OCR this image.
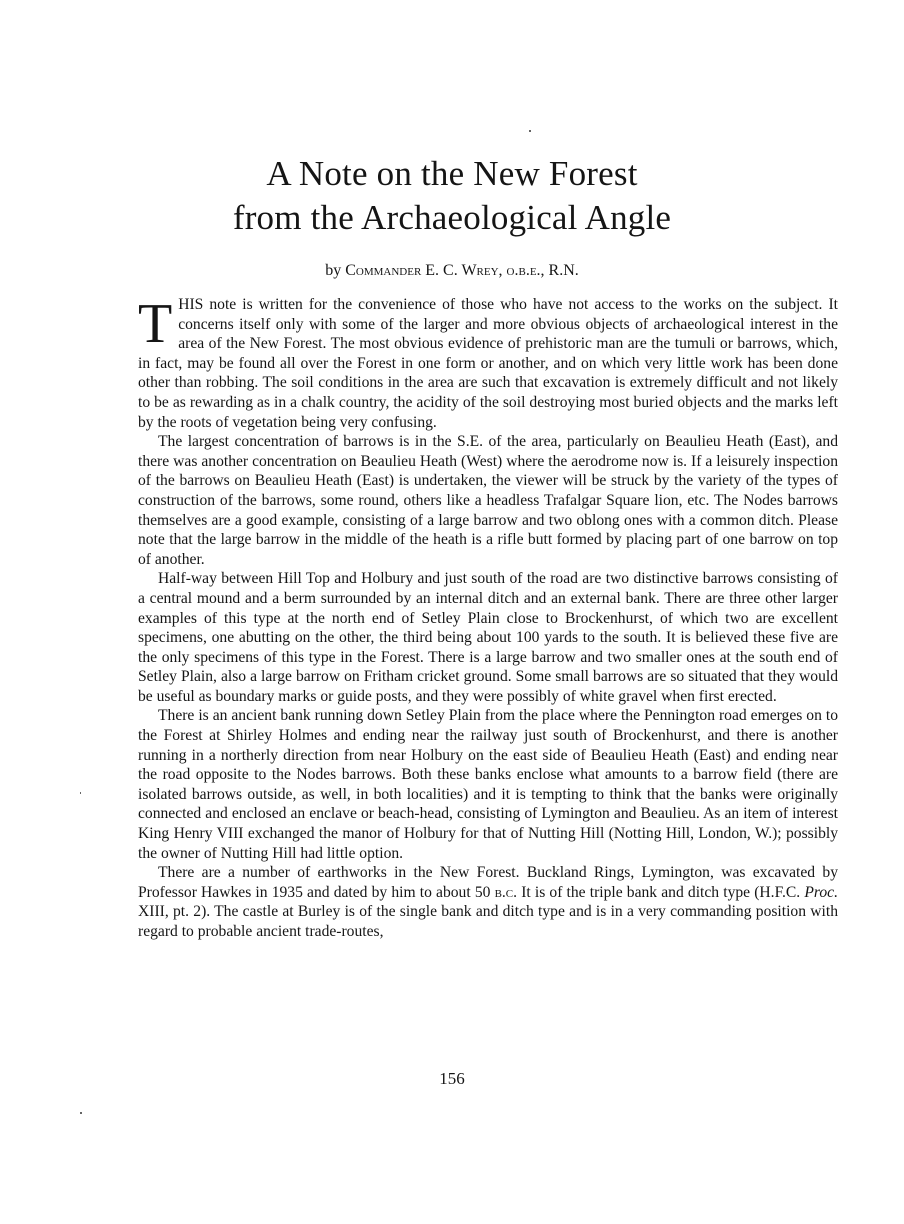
A Note on the New Forest
from the Archaeological Angle
by Commander E. C. Wrey, o.b.e., R.N.

THIS note is written for the convenience of those who have not access to the works on the subject. It concerns itself only with some of the larger and more obvious objects of archaeological interest in the area of the New Forest. The most obvious evidence of prehistoric man are the tumuli or barrows, which, in fact, may be found all over the Forest in one form or another, and on which very little work has been done other than robbing. The soil conditions in the area are such that excavation is extremely difficult and not likely to be as rewarding as in a chalk country, the acidity of the soil destroying most buried objects and the marks left by the roots of vegetation being very confusing.

The largest concentration of barrows is in the S.E. of the area, particularly on Beaulieu Heath (East), and there was another concentration on Beaulieu Heath (West) where the aerodrome now is. If a leisurely inspection of the barrows on Beaulieu Heath (East) is undertaken, the viewer will be struck by the variety of the types of construction of the barrows, some round, others like a headless Trafalgar Square lion, etc. The Nodes barrows themselves are a good example, consisting of a large barrow and two oblong ones with a common ditch. Please note that the large barrow in the middle of the heath is a rifle butt formed by placing part of one barrow on top of another.

Half-way between Hill Top and Holbury and just south of the road are two distinctive barrows consisting of a central mound and a berm surrounded by an internal ditch and an external bank. There are three other larger examples of this type at the north end of Setley Plain close to Brockenhurst, of which two are excellent specimens, one abutting on the other, the third being about 100 yards to the south. It is believed these five are the only specimens of this type in the Forest. There is a large barrow and two smaller ones at the south end of Setley Plain, also a large barrow on Fritham cricket ground. Some small barrows are so situated that they would be useful as boundary marks or guide posts, and they were possibly of white gravel when first erected.

There is an ancient bank running down Setley Plain from the place where the Pennington road emerges on to the Forest at Shirley Holmes and ending near the railway just south of Brockenhurst, and there is another running in a northerly direction from near Holbury on the east side of Beaulieu Heath (East) and ending near the road opposite to the Nodes barrows. Both these banks enclose what amounts to a barrow field (there are isolated barrows outside, as well, in both localities) and it is tempting to think that the banks were originally connected and enclosed an enclave or beach-head, consisting of Lymington and Beaulieu. As an item of interest King Henry VIII exchanged the manor of Holbury for that of Nutting Hill (Notting Hill, London, W.); possibly the owner of Nutting Hill had little option.

There are a number of earthworks in the New Forest. Buckland Rings, Lymington, was excavated by Professor Hawkes in 1935 and dated by him to about 50 b.c. It is of the triple bank and ditch type (H.F.C. Proc. XIII, pt. 2). The castle at Burley is of the single bank and ditch type and is in a very commanding position with regard to probable ancient trade-routes,

156
